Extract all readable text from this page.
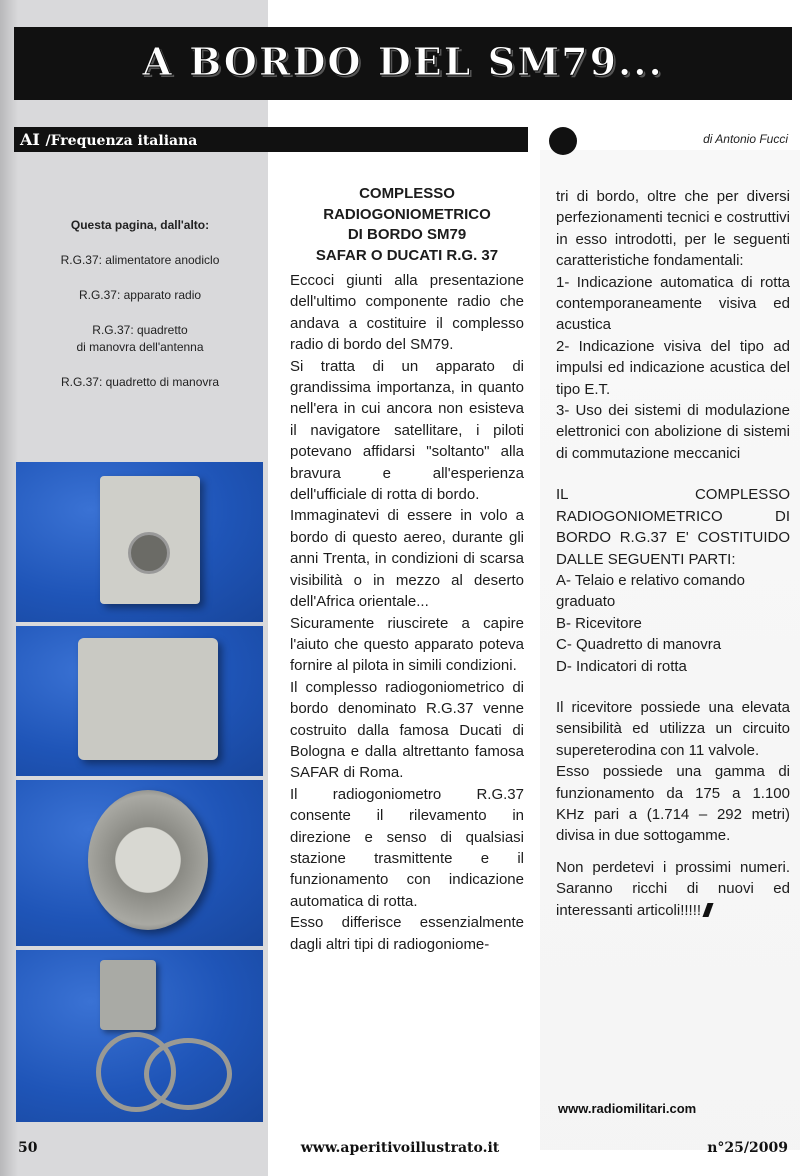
A BORDO DEL SM79...
AI /Frequenza italiana	di Antonio Fucci
Questa pagina, dall'alto:
R.G.37: alimentatore anodiclo
R.G.37: apparato radio
R.G.37: quadretto
di manovra dell'antenna
R.G.37: quadretto di manovra
COMPLESSO
RADIOGONIOMETRICO
DI BORDO SM79
SAFAR O DUCATI R.G. 37

Eccoci giunti alla presentazione dell'ultimo componente radio che andava a costituire il complesso radio di bordo del SM79.

Si tratta di un apparato di grandissima importanza, in quanto nell'era in cui ancora non esisteva il navigatore satellitare, i piloti potevano affidarsi "soltanto" alla bravura e all'esperienza dell'ufficiale di rotta di bordo.

Immaginatevi di essere in volo a bordo di questo aereo, durante gli anni Trenta, in condizioni di scarsa visibilità o in mezzo al deserto dell'Africa orientale...

Sicuramente riuscirete a capire l'aiuto che questo apparato poteva fornire al pilota in simili condizioni.

Il complesso radiogoniometrico di bordo denominato R.G.37 venne costruito dalla famosa Ducati di Bologna e dalla altrettanto famosa SAFAR di Roma.

Il radiogoniometro R.G.37 consente il rilevamento in direzione e senso di qualsiasi stazione trasmittente e il funzionamento con indicazione automatica di rotta.

Esso differisce essenzialmente dagli altri tipi di radiogoniome-

tri di bordo, oltre che per diversi perfezionamenti tecnici e costruttivi in esso introdotti, per le seguenti caratteristiche fondamentali:

1- Indicazione automatica di rotta contemporaneamente visiva ed acustica

2- Indicazione visiva del tipo ad impulsi ed indicazione acustica del tipo E.T.

3- Uso dei sistemi di modulazione elettronici con abolizione di sistemi di commutazione meccanici

IL COMPLESSO RADIOGONIOMETRICO DI BORDO R.G.37 E' COSTITUIDO DALLE SEGUENTI PARTI:

A- Telaio e relativo comando graduato

B- Ricevitore

C- Quadretto di manovra

D- Indicatori di rotta

Il ricevitore possiede una elevata sensibilità ed utilizza un circuito supereterodina con 11 valvole.

Esso possiede una gamma di funzionamento da 175 a 1.100 KHz pari a (1.714 – 292 metri) divisa in due sottogamme.

Non perdetevi i prossimi numeri. Saranno ricchi di nuovi ed interessanti articoli!!!!!

www.radiomilitari.com
50	www.aperitivoillustrato.it	n°25/2009
